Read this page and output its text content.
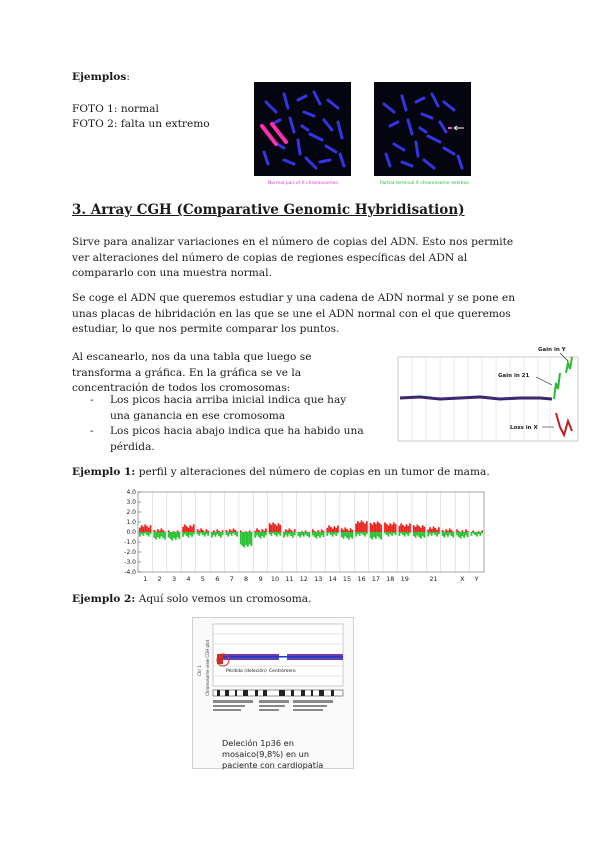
Ejemplos:
FOTO 1: normal
FOTO 2: falta un extremo
Normal pair of X chromosomes	Partial terminal X chromosome deletion
3. Array CGH (Comparative Genomic Hybridisation)
Sirve para analizar variaciones en el número de copias del ADN. Esto nos permite ver alteraciones del número de copias de regiones específicas del ADN al compararlo con una muestra normal.
Se coge el ADN que queremos estudiar y una cadena de ADN normal y se pone en unas placas de hibridación en las que se une el ADN normal con el que queremos estudiar, lo que nos permite comparar los puntos.
Al escanearlo, nos da una tabla que luego se transforma a gráfica. En la gráfica se ve la concentración de todos los cromosomas:
- Los picos hacia arriba inicial indica que hay una ganancia en ese cromosoma
- Los picos hacia abajo indica que ha habido una pérdida.
Gain in Y
Gain in 21
Loss in X
Ejemplo 1: perfil y alteraciones del número de copias en un tumor de mama.
4.0
3.0
2.0
1.0
0.0
-1.0
-2.0
-3.0
-4.0
1 2 3 4 5 6 7 8 9 10 11 12 13 14 15 16 17 18 19	21	X Y
Ejemplo 2: Aquí solo vemos un cromosoma.
Chr 1 Chromosome view CGH plot	Pérdida (deleción) Centrómero
Deleción 1p36 en
mosaico(9,8%) en un
paciente con cardiopatía
